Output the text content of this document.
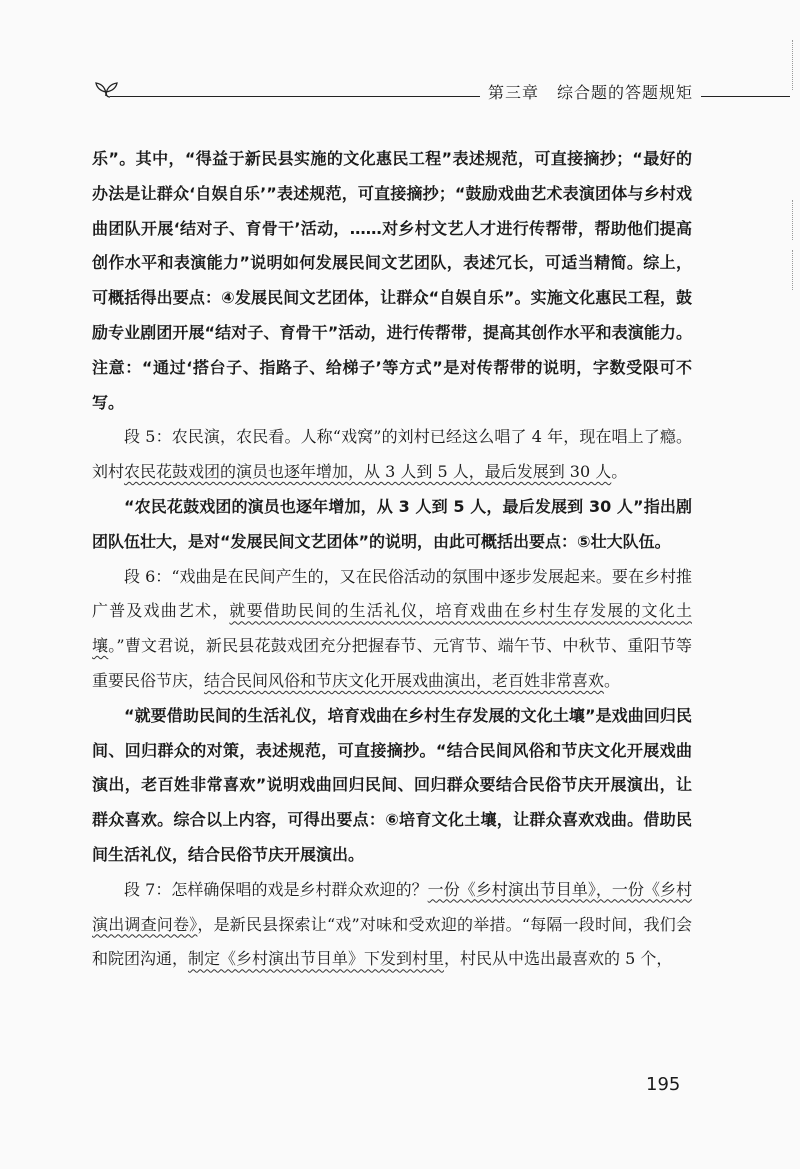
第三章 综合题的答题规矩

乐”。其中，“得益于新民县实施的文化惠民工程”表述规范，可直接摘抄；“最好的办法是让群众‘自娱自乐’”表述规范，可直接摘抄；“鼓励戏曲艺术表演团体与乡村戏曲团队开展‘结对子、育骨干’活动，……对乡村文艺人才进行传帮带，帮助他们提高创作水平和表演能力”说明如何发展民间文艺团队，表述冗长，可适当精简。综上，可概括得出要点：④发展民间文艺团体，让群众“自娱自乐”。实施文化惠民工程，鼓励专业剧团开展“结对子、育骨干”活动，进行传帮带，提高其创作水平和表演能力。注意：“通过‘搭台子、指路子、给梯子’等方式”是对传帮带的说明，字数受限可不写。

段 5：农民演，农民看。人称“戏窝”的刘村已经这么唱了 4 年，现在唱上了瘾。刘村农民花鼓戏团的演员也逐年增加，从 3 人到 5 人，最后发展到 30 人。

“农民花鼓戏团的演员也逐年增加，从 3 人到 5 人，最后发展到 30 人”指出剧团队伍壮大，是对“发展民间文艺团体”的说明，由此可概括出要点：⑤壮大队伍。

段 6：“戏曲是在民间产生的，又在民俗活动的氛围中逐步发展起来。要在乡村推广普及戏曲艺术，就要借助民间的生活礼仪，培育戏曲在乡村生存发展的文化土壤。”曹文君说，新民县花鼓戏团充分把握春节、元宵节、端午节、中秋节、重阳节等重要民俗节庆，结合民间风俗和节庆文化开展戏曲演出，老百姓非常喜欢。

“就要借助民间的生活礼仪，培育戏曲在乡村生存发展的文化土壤”是戏曲回归民间、回归群众的对策，表述规范，可直接摘抄。“结合民间风俗和节庆文化开展戏曲演出，老百姓非常喜欢”说明戏曲回归民间、回归群众要结合民俗节庆开展演出，让群众喜欢。综合以上内容，可得出要点：⑥培育文化土壤，让群众喜欢戏曲。借助民间生活礼仪，结合民俗节庆开展演出。

段 7：怎样确保唱的戏是乡村群众欢迎的？一份《乡村演出节目单》，一份《乡村演出调查问卷》，是新民县探索让“戏”对味和受欢迎的举措。“每隔一段时间，我们会和院团沟通，制定《乡村演出节目单》下发到村里，村民从中选出最喜欢的 5 个，

195
